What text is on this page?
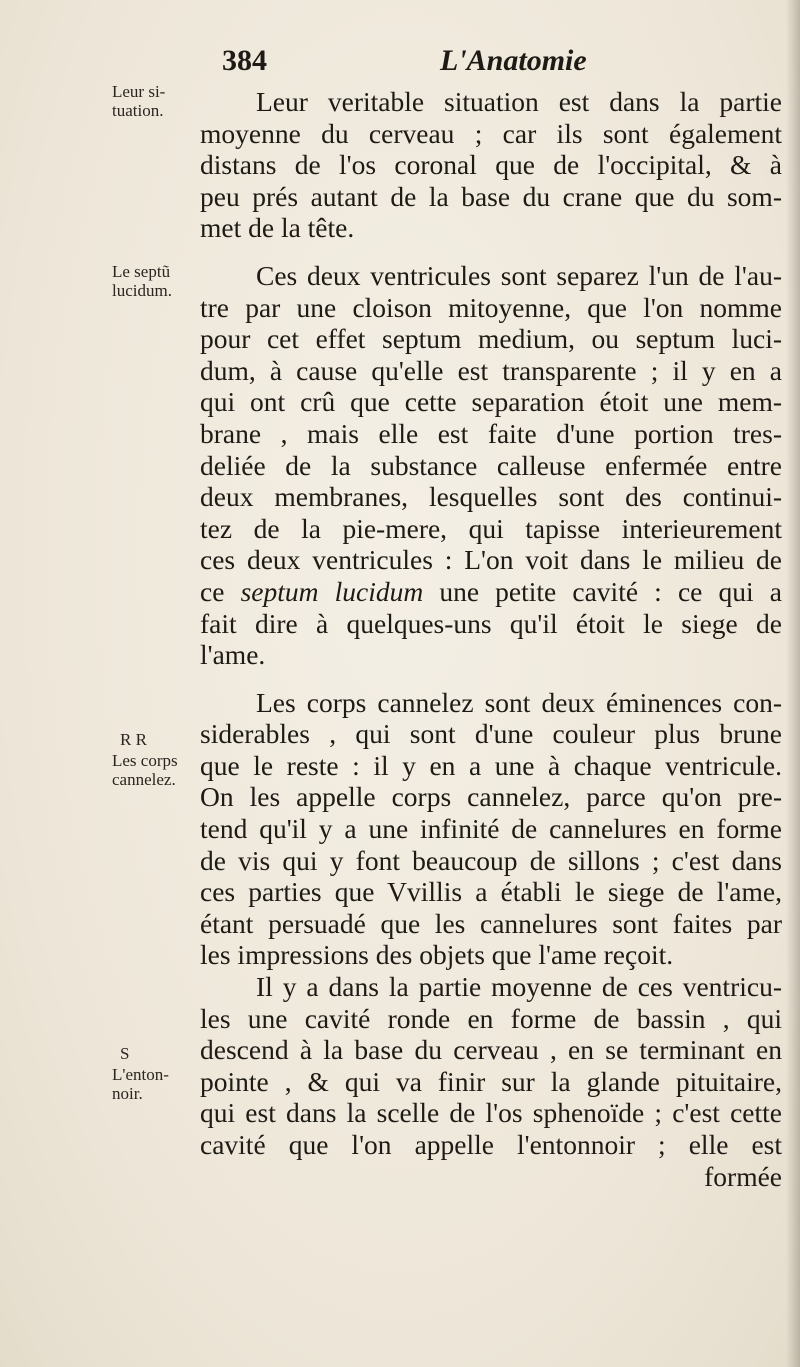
384	L'Anatomie
Leur si-
tuation.
Le septũ
lucidum.
R R
Les corps
cannelez.
S
L'enton-
noir.
Leur veritable situation est dans la partie
moyenne du cerveau ; car ils sont également
distans de l'os coronal que de l'occipital, & à
peu prés autant de la base du crane que du som-
met de la tête.
Ces deux ventricules sont separez l'un de l'au-
tre par une cloison mitoyenne, que l'on nomme
pour cet effet septum medium, ou septum luci-
dum, à cause qu'elle est transparente ; il y en a
qui ont crû que cette separation étoit une mem-
brane , mais elle est faite d'une portion tres-
deliée de la substance calleuse enfermée entre
deux membranes, lesquelles sont des continui-
tez de la pie-mere, qui tapisse interieurement
ces deux ventricules : L'on voit dans le milieu de
ce septum lucidum une petite cavité : ce qui a
fait dire à quelques-uns qu'il étoit le siege de
l'ame.
Les corps cannelez sont deux éminences con-
siderables , qui sont d'une couleur plus brune
que le reste : il y en a une à chaque ventricule.
On les appelle corps cannelez, parce qu'on pre-
tend qu'il y a une infinité de cannelures en forme
de vis qui y font beaucoup de sillons ; c'est dans
ces parties que Vvillis a établi le siege de l'ame,
étant persuadé que les cannelures sont faites par
les impressions des objets que l'ame reçoit.
Il y a dans la partie moyenne de ces ventricu-
les une cavité ronde en forme de bassin , qui
descend à la base du cerveau , en se terminant en
pointe , & qui va finir sur la glande pituitaire,
qui est dans la scelle de l'os sphenoïde ; c'est cette
cavité que l'on appelle l'entonnoir ; elle est
formée
